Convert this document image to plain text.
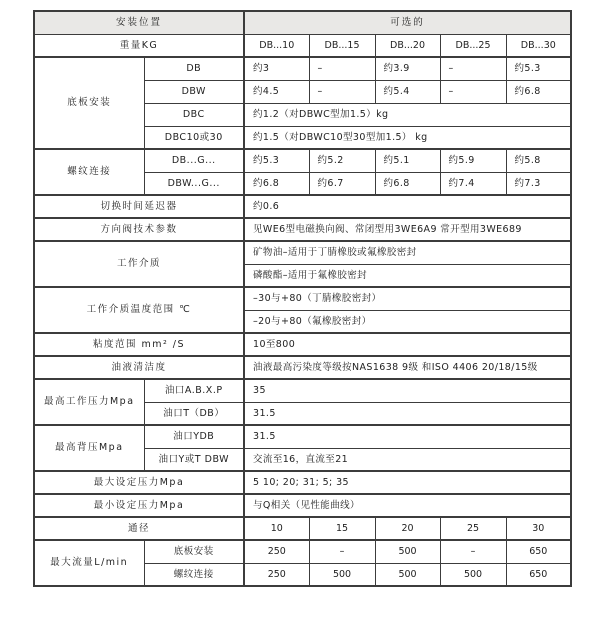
安装位置		可选的				
重量KG		DB...10	DB...15	DB...20	DB...25	DB...30
底板安装	DB	约3	–	约3.9	–	约5.3
	DBW	约4.5	–	约5.4	–	约6.8
	DBC	约1.2（对DBWC型加1.5）kg				
	DBC10或30	约1.5（对DBWC10型30型加1.5） kg				
螺纹连接	DB...G...	约5.3	约5.2	约5.1	约5.9	约5.8
	DBW...G...	约6.8	约6.7	约6.8	约7.4	约7.3
切换时间延迟器		约0.6				
方向阀技术参数		见WE6型电磁换向阀、常闭型用3WE6A9 常开型用3WE689				
工作介质		矿物油–适用于丁腈橡胶或氟橡胶密封				
		磷酸酯–适用于氟橡胶密封				
工作介质温度范围 ℃		–30与+80（丁腈橡胶密封）				
		–20与+80（氟橡胶密封）				
粘度范围 mm² /S		10至800				
油液清洁度		油液最高污染度等级按NAS1638 9级 和ISO 4406 20/18/15级				
最高工作压力Mpa	油口A.B.X.P	35				
	油口T（DB）	31.5				
最高背压Mpa	油口YDB	31.5				
	油口Y或T DBW	交流至16，直流至21				
最大设定压力Mpa		5 10; 20; 31; 5; 35				
最小设定压力Mpa		与Q相关（见性能曲线）				
通径		10	15	20	25	30
最大流量L/min	底板安装	250	–	500	–	650
	螺纹连接	250	500	500	500	650
